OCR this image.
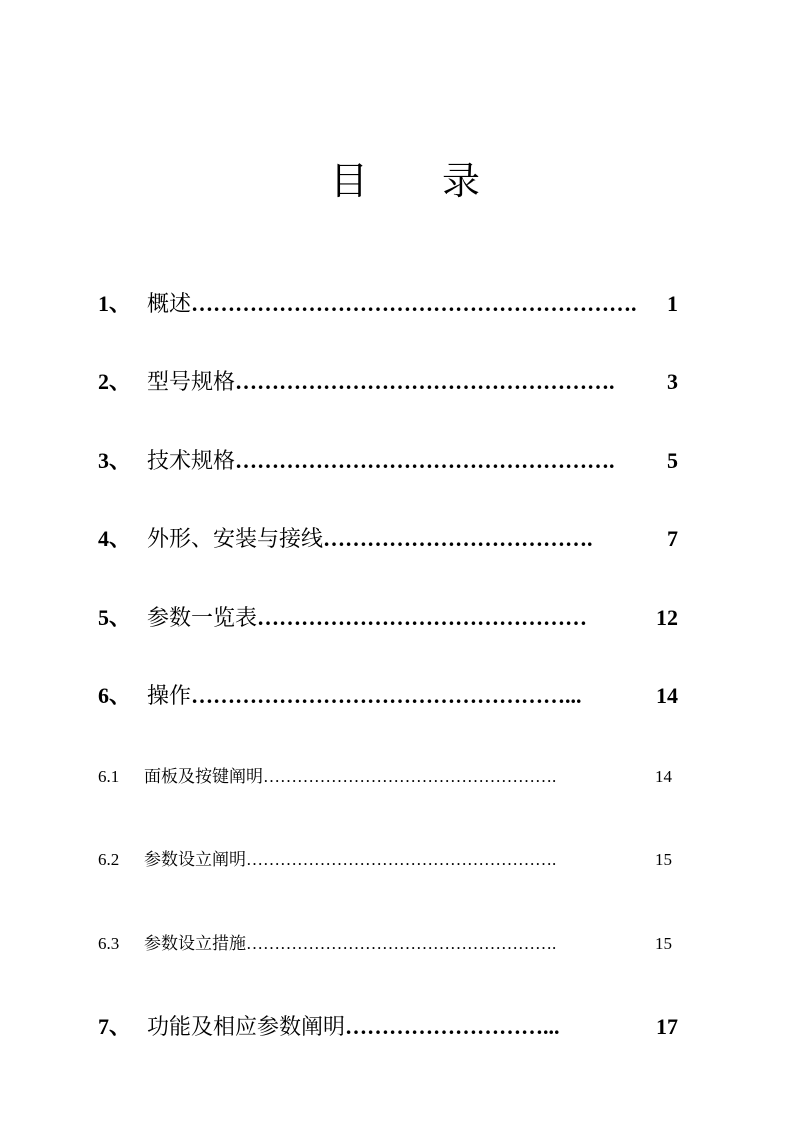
目 录
1、 概述……………………………………………………. 1
2、 型号规格…………………………………………….	3
3、 技术规格…………………………………………….	5
4、 外形、安装与接线……………………………….	7
5、 参数一览表………………………………………	12
6、 操作……………………………………………...	14
6.1 面板及按键阐明…………………………………………….	14
6.2 参数设立阐明……………………………………………….	15
6.3 参数设立措施……………………………………………….	15
7、 功能及相应参数阐明………………………...	17
